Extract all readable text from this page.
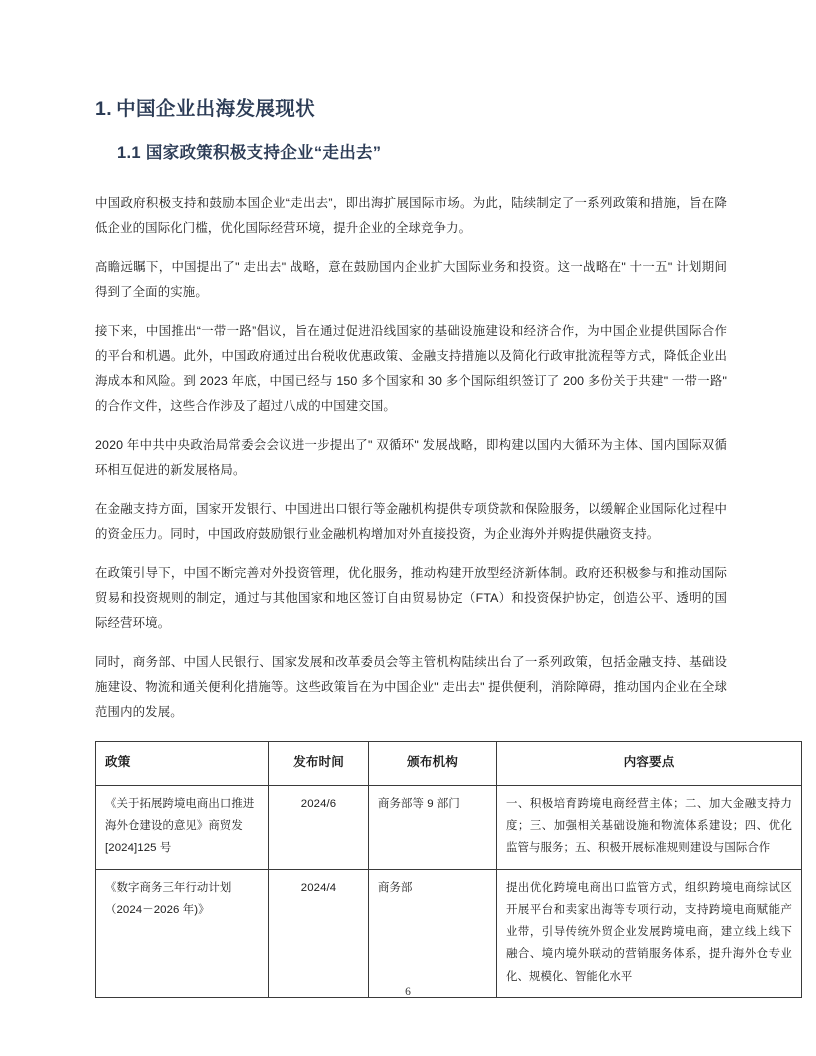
1. 中国企业出海发展现状
1.1 国家政策积极支持企业“走出去”

中国政府积极支持和鼓励本国企业“走出去”，即出海扩展国际市场。为此，陆续制定了一系列政策和措施，旨在降低企业的国际化门槛，优化国际经营环境，提升企业的全球竞争力。

高瞻远瞩下，中国提出了" 走出去" 战略，意在鼓励国内企业扩大国际业务和投资。这一战略在" 十一五" 计划期间得到了全面的实施。

接下来，中国推出“一带一路”倡议，旨在通过促进沿线国家的基础设施建设和经济合作，为中国企业提供国际合作的平台和机遇。此外，中国政府通过出台税收优惠政策、金融支持措施以及简化行政审批流程等方式，降低企业出海成本和风险。到 2023 年底，中国已经与 150 多个国家和 30 多个国际组织签订了 200 多份关于共建" 一带一路" 的合作文件，这些合作涉及了超过八成的中国建交国。

2020 年中共中央政治局常委会会议进一步提出了" 双循环" 发展战略，即构建以国内大循环为主体、国内国际双循环相互促进的新发展格局。

在金融支持方面，国家开发银行、中国进出口银行等金融机构提供专项贷款和保险服务，以缓解企业国际化过程中的资金压力。同时，中国政府鼓励银行业金融机构增加对外直接投资，为企业海外并购提供融资支持。

在政策引导下，中国不断完善对外投资管理，优化服务，推动构建开放型经济新体制。政府还积极参与和推动国际贸易和投资规则的制定，通过与其他国家和地区签订自由贸易协定（FTA）和投资保护协定，创造公平、透明的国际经营环境。

同时，商务部、中国人民银行、国家发展和改革委员会等主管机构陆续出台了一系列政策，包括金融支持、基础设施建设、物流和通关便利化措施等。这些政策旨在为中国企业" 走出去" 提供便利，消除障碍，推动国内企业在全球范围内的发展。

政策	发布时间	颁布机构	内容要点
《关于拓展跨境电商出口推进海外仓建设的意见》商贸发[2024]125 号	2024/6	商务部等 9 部门	一、积极培育跨境电商经营主体；二、加大金融支持力度；三、加强相关基础设施和物流体系建设；四、优化监管与服务；五、积极开展标准规则建设与国际合作
《数字商务三年行动计划（2024－2026 年)》	2024/4	商务部	提出优化跨境电商出口监管方式，组织跨境电商综试区开展平台和卖家出海等专项行动，支持跨境电商赋能产业带，引导传统外贸企业发展跨境电商，建立线上线下融合、境内境外联动的营销服务体系，提升海外仓专业化、规模化、智能化水平
6
